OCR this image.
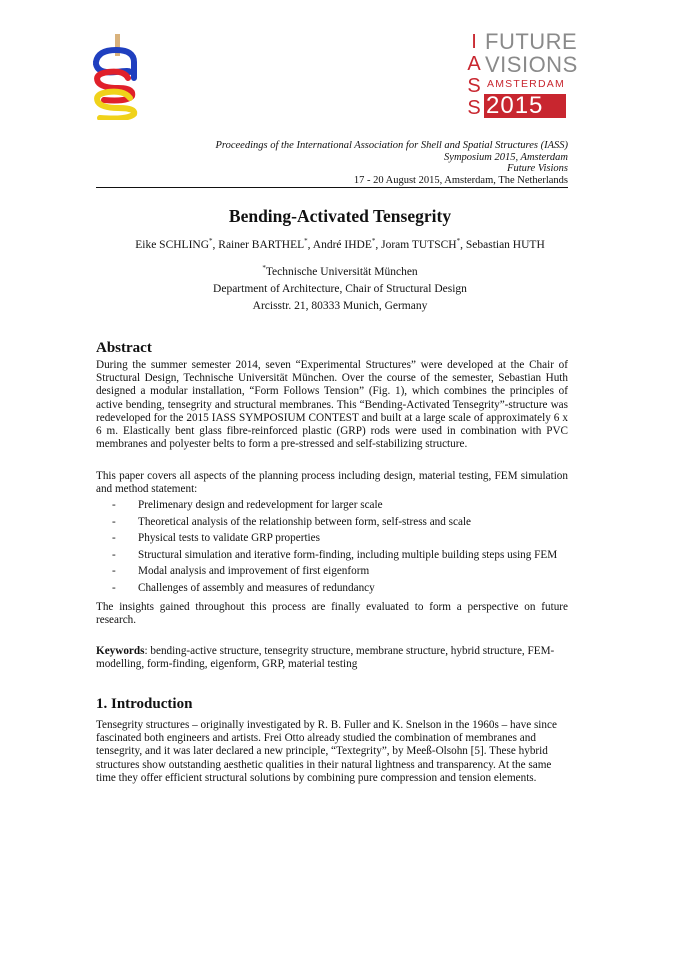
I
A
S
S
FUTURE
VISIONS
AMSTERDAM
2015
Proceedings of the International Association for Shell and Spatial Structures (IASS)
Symposium 2015, Amsterdam
Future Visions
17 - 20 August 2015, Amsterdam, The Netherlands
Bending-Activated Tensegrity
Eike SCHLING*, Rainer BARTHEL*, André IHDE*, Joram TUTSCH*, Sebastian HUTH
*Technische Universität München
Department of Architecture, Chair of Structural Design
Arcisstr. 21, 80333 Munich, Germany
Abstract
During the summer semester 2014, seven “Experimental Structures” were developed at the Chair of Structural Design, Technische Universität München. Over the course of the semester, Sebastian Huth designed a modular installation, “Form Follows Tension” (Fig. 1), which combines the principles of active bending, tensegrity and structural membranes. This “Bending-Activated Tensegrity”-structure was redeveloped for the 2015 IASS SYMPOSIUM CONTEST and built at a large scale of approximately 6 x 6 m. Elastically bent glass fibre-reinforced plastic (GRP) rods were used in combination with PVC membranes and polyester belts to form a pre-stressed and self-stabilizing structure.
This paper covers all aspects of the planning process including design, material testing, FEM simulation and method statement:
- Prelimenary design and redevelopment for larger scale
- Theoretical analysis of the relationship between form, self-stress and scale
- Physical tests to validate GRP properties
- Structural simulation and iterative form-finding, including multiple building steps using FEM
- Modal analysis and improvement of first eigenform
- Challenges of assembly and measures of redundancy
The insights gained throughout this process are finally evaluated to form a perspective on future research.
Keywords: bending-active structure, tensegrity structure, membrane structure, hybrid structure, FEM-modelling, form-finding, eigenform, GRP, material testing
1. Introduction
Tensegrity structures – originally investigated by R. B. Fuller and K. Snelson in the 1960s – have since fascinated both engineers and artists. Frei Otto already studied the combination of membranes and tensegrity, and it was later declared a new principle, “Textegrity”, by Meeß-Olsohn [5]. These hybrid structures show outstanding aesthetic qualities in their natural lightness and transparency. At the same time they offer efficient structural solutions by combining pure compression and tension elements.
